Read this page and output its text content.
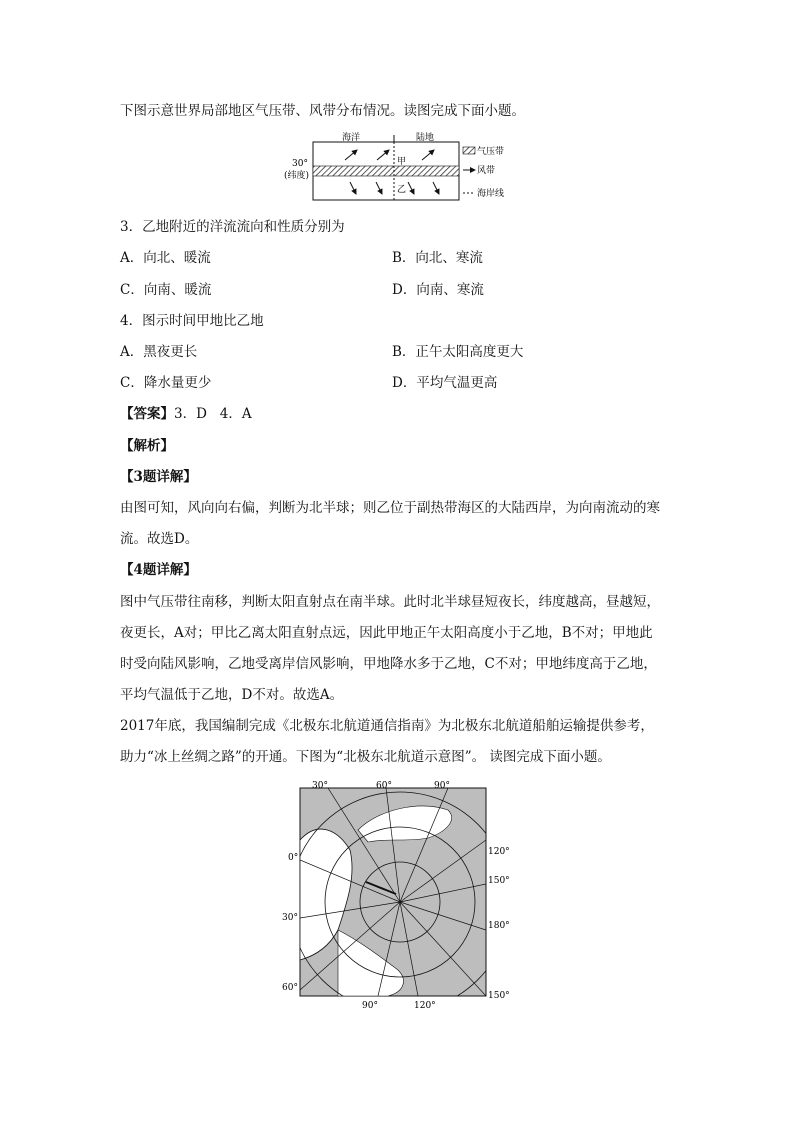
下图示意世界局部地区气压带、风带分布情况。读图完成下面小题。
海洋	陆地
30°
(纬度)
甲
乙
气压带
风带
海岸线
3．乙地附近的洋流流向和性质分别为
A．向北、暖流	B．向北、寒流
C．向南、暖流	D．向南、寒流
4．图示时间甲地比乙地
A．黑夜更长	B．正午太阳高度更大
C．降水量更少	D．平均气温更高
【答案】3．D   4．A
【解析】
【3题详解】
由图可知，风向向右偏，判断为北半球；则乙位于副热带海区的大陆西岸，为向南流动的寒
流。故选D。
【4题详解】
图中气压带往南移，判断太阳直射点在南半球。此时北半球昼短夜长，纬度越高，昼越短，
夜更长，A对；甲比乙离太阳直射点远，因此甲地正午太阳高度小于乙地，B不对；甲地此
时受向陆风影响，乙地受离岸信风影响，甲地降水多于乙地，C不对；甲地纬度高于乙地，
平均气温低于乙地，D不对。故选A。
2017年底，我国编制完成《北极东北航道通信指南》为北极东北航道船舶运输提供参考，
助力“冰上丝绸之路”的开通。下图为“北极东北航道示意图”。 读图完成下面小题。
30°	60°	90°
120°
150°
180°
150°
0°
30°
60°
90°	120°
